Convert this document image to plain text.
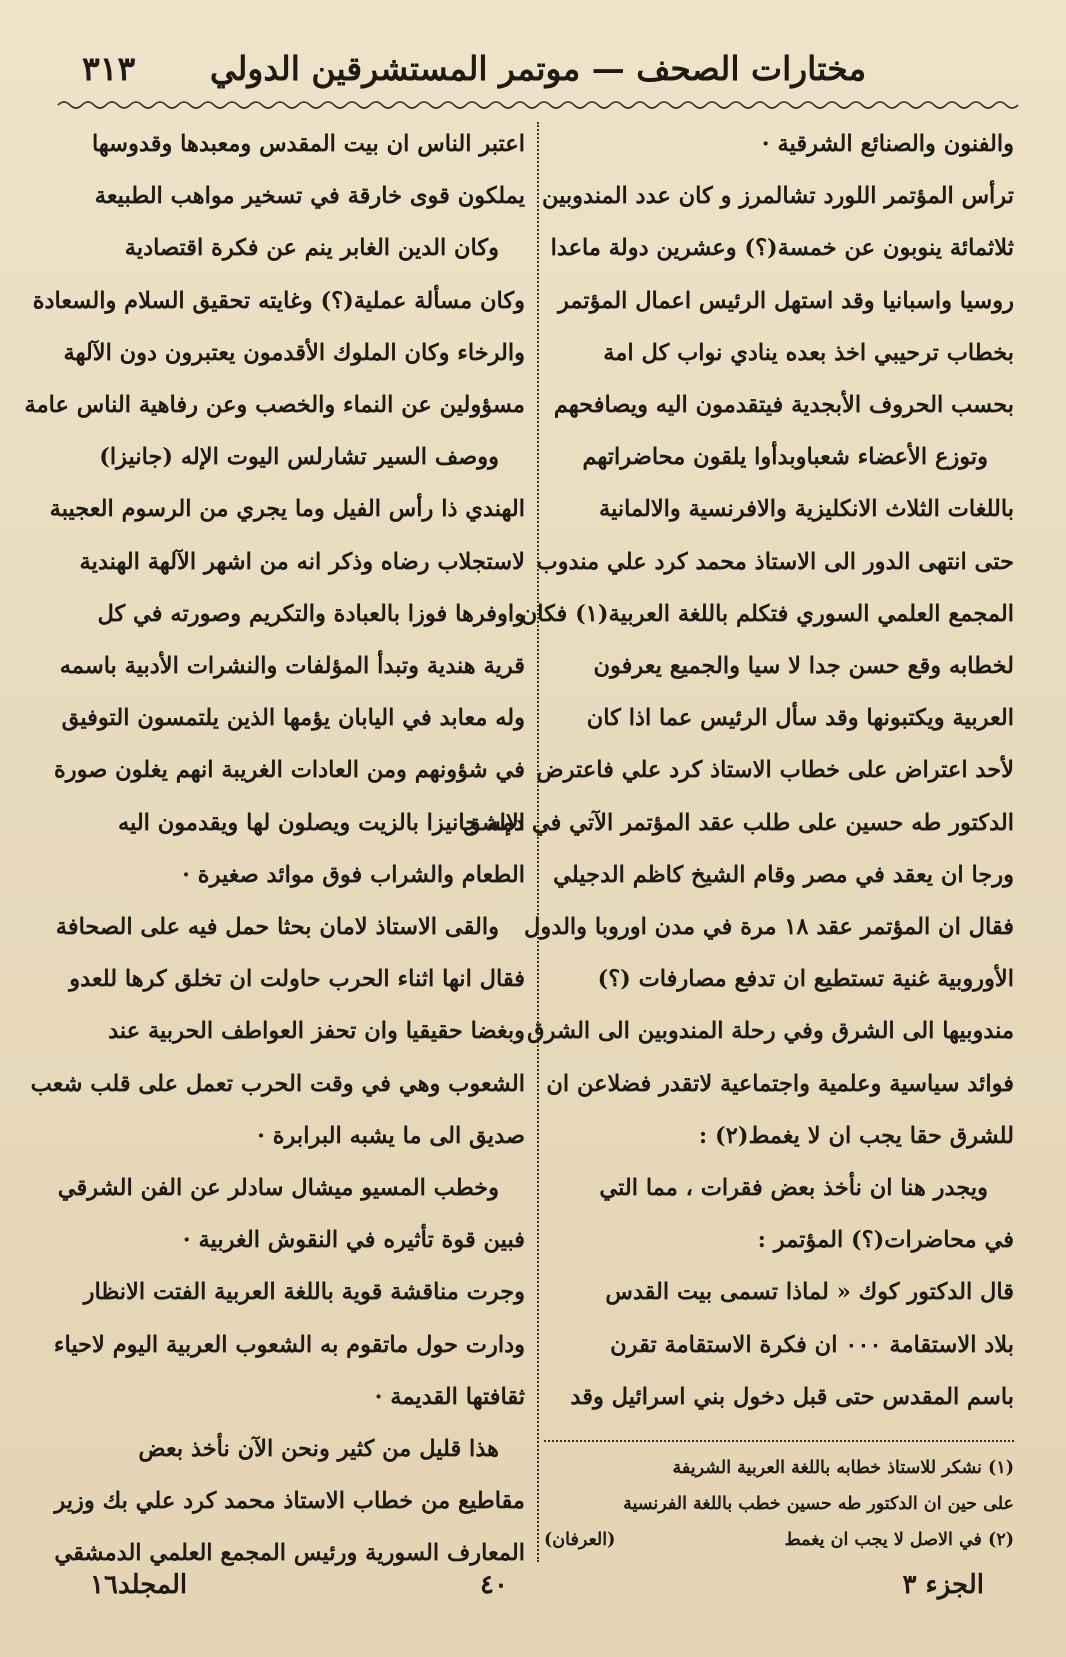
مختارات الصحف — موتمر المستشرقين الدولي
٣١٣

والفنون والصنائع الشرقية ·

ترأس المؤتمر اللورد تشالمرز و كان عدد المندوبين

ثلاثمائة ينوبون عن خمسة(؟) وعشرين دولة ماعدا

روسيا واسبانيا وقد استهل الرئيس اعمال المؤتمر

بخطاب ترحيبي اخذ بعده ينادي نواب كل امة

بحسب الحروف الأبجدية فيتقدمون اليه ويصافحهم

وتوزع الأعضاء شعباوبدأوا يلقون محاضراتهم

باللغات الثلاث الانكليزية والافرنسية والالمانية

حتى انتهى الدور الى الاستاذ محمد كرد علي مندوب

المجمع العلمي السوري فتكلم باللغة العربية(١) فكان

لخطابه وقع حسن جدا لا سيا والجميع يعرفون

العربية ويكتبونها وقد سأل الرئيس عما اذا كان

لأحد اعتراض على خطاب الاستاذ كرد علي فاعترض

الدكتور طه حسين على طلب عقد المؤتمر الآتي في دمشق

ورجا ان يعقد في مصر وقام الشيخ كاظم الدجيلي

فقال ان المؤتمر عقد ١٨ مرة في مدن اوروبا والدول

الأوروبية غنية تستطيع ان تدفع مصارفات (؟)

مندوبيها الى الشرق وفي رحلة المندوبين الى الشرق

فوائد سياسية وعلمية واجتماعية لاتقدر فضلاعن ان

للشرق حقا يجب ان لا يغمط(٢) :

ويجدر هنا ان نأخذ بعض فقرات ، مما التي

في محاضرات(؟) المؤتمر :

قال الدكتور كوك « لماذا تسمى بيت القدس

بلاد الاستقامة ٠٠٠ ان فكرة الاستقامة تقرن

باسم المقدس حتى قبل دخول بني اسرائيل وقد

اعتبر الناس ان بيت المقدس ومعبدها وقدوسها

يملكون قوى خارقة في تسخير مواهب الطبيعة

وكان الدين الغابر ينم عن فكرة اقتصادية

وكان مسألة عملية(؟) وغايته تحقيق السلام والسعادة

والرخاء وكان الملوك الأقدمون يعتبرون دون الآلهة

مسؤولين عن النماء والخصب وعن رفاهية الناس عامة

ووصف السير تشارلس اليوت الإله (جانيزا)

الهندي ذا رأس الفيل وما يجري من الرسوم العجيبة

لاستجلاب رضاه وذكر انه من اشهر الآلهة الهندية

واوفرها فوزا بالعبادة والتكريم وصورته في كل

قرية هندية وتبدأ المؤلفات والنشرات الأدبية باسمه

وله معابد في اليابان يؤمها الذين يلتمسون التوفيق

في شؤونهم ومن العادات الغريبة انهم يغلون صورة

الإله جانيزا بالزيت ويصلون لها ويقدمون اليه

الطعام والشراب فوق موائد صغيرة ·

والقى الاستاذ لامان بحثا حمل فيه على الصحافة

فقال انها اثناء الحرب حاولت ان تخلق كرها للعدو

وبغضا حقيقيا وان تحفز العواطف الحربية عند

الشعوب وهي في وقت الحرب تعمل على قلب شعب

صديق الى ما يشبه البرابرة ·

وخطب المسيو ميشال سادلر عن الفن الشرقي

فبين قوة تأثيره في النقوش الغربية ·

وجرت مناقشة قوية باللغة العربية الفتت الانظار

ودارت حول ماتقوم به الشعوب العربية اليوم لاحياء

ثقافتها القديمة ·

هذا قليل من كثير ونحن الآن نأخذ بعض

مقاطيع من خطاب الاستاذ محمد كرد علي بك وزير

المعارف السورية ورئيس المجمع العلمي الدمشقي

(١) نشكر للاستاذ خطابه باللغة العربية الشريفة

على حين ان الدكتور طه حسين خطب باللغة الفرنسية

(٢) في الاصل لا يجب ان يغمط
(العرفان)

الجزء ٣
٤٠
المجلد١٦
